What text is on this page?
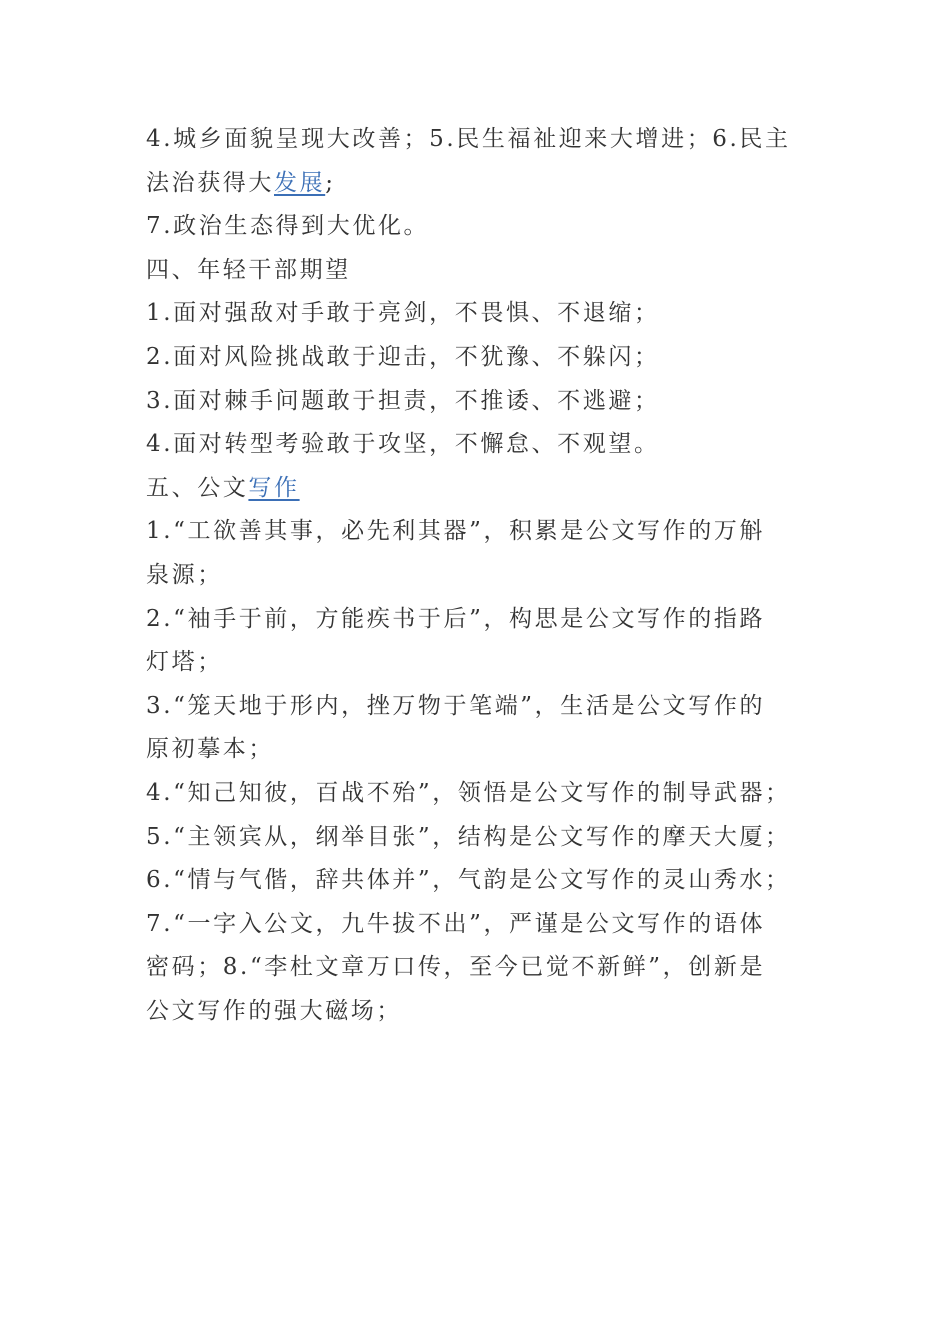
4.城乡面貌呈现大改善；5.民生福祉迎来大增进；6.民主
法治获得大发展;
7.政治生态得到大优化。
四、年轻干部期望
1.面对强敌对手敢于亮剑，不畏惧、不退缩；
2.面对风险挑战敢于迎击，不犹豫、不躲闪；
3.面对棘手问题敢于担责，不推诿、不逃避；
4.面对转型考验敢于攻坚，不懈怠、不观望。
五、公文写作
1.“工欲善其事，必先利其器”，积累是公文写作的万斛
泉源；
2.“袖手于前，方能疾书于后”，构思是公文写作的指路
灯塔；
3.“笼天地于形内，挫万物于笔端”，生活是公文写作的
原初摹本；
4.“知己知彼，百战不殆”，领悟是公文写作的制导武器；
5.“主领宾从，纲举目张”，结构是公文写作的摩天大厦；
6.“情与气偕，辞共体并”，气韵是公文写作的灵山秀水；
7.“一字入公文，九牛拔不出”，严谨是公文写作的语体
密码；8.“李杜文章万口传，至今已觉不新鲜”，创新是
公文写作的强大磁场；
